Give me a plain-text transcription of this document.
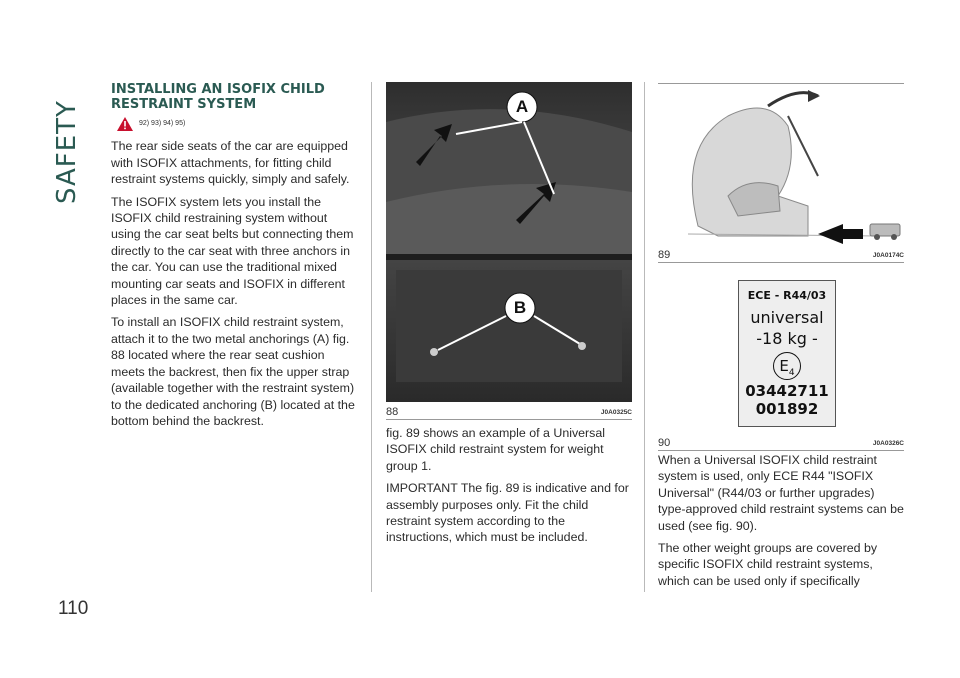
SAFETY
110
INSTALLING AN ISOFIX CHILD RESTRAINT SYSTEM
92) 93) 94) 95)

The rear side seats of the car are equipped with ISOFIX attachments, for fitting child restraint systems quickly, simply and safely.

The ISOFIX system lets you install the ISOFIX child restraining system without using the car seat belts but connecting them directly to the car seat with three anchors in the car. You can use the traditional mixed mounting car seats and ISOFIX in different places in the same car.

To install an ISOFIX child restraint system, attach it to the two metal anchorings (A) fig. 88 located where the rear seat cushion meets the backrest, then fix the upper strap (available together with the restraint system) to the dedicated anchoring (B) located at the bottom behind the backrest.

A
B
88	J0A0325C

fig. 89 shows an example of a Universal ISOFIX child restraint system for weight group 1.

IMPORTANT The fig. 89 is indicative and for assembly purposes only. Fit the child restraint system according to the instructions, which must be included.

89	J0A0174C
ECE - R44/03
universal
-18 kg -
$E_4$
03442711
001892
90	J0A0326C

When a Universal ISOFIX child restraint system is used, only ECE R44 "ISOFIX Universal" (R44/03 or further upgrades) type-approved child restraint systems can be used (see fig. 90).

The other weight groups are covered by specific ISOFIX child restraint systems, which can be used only if specifically
